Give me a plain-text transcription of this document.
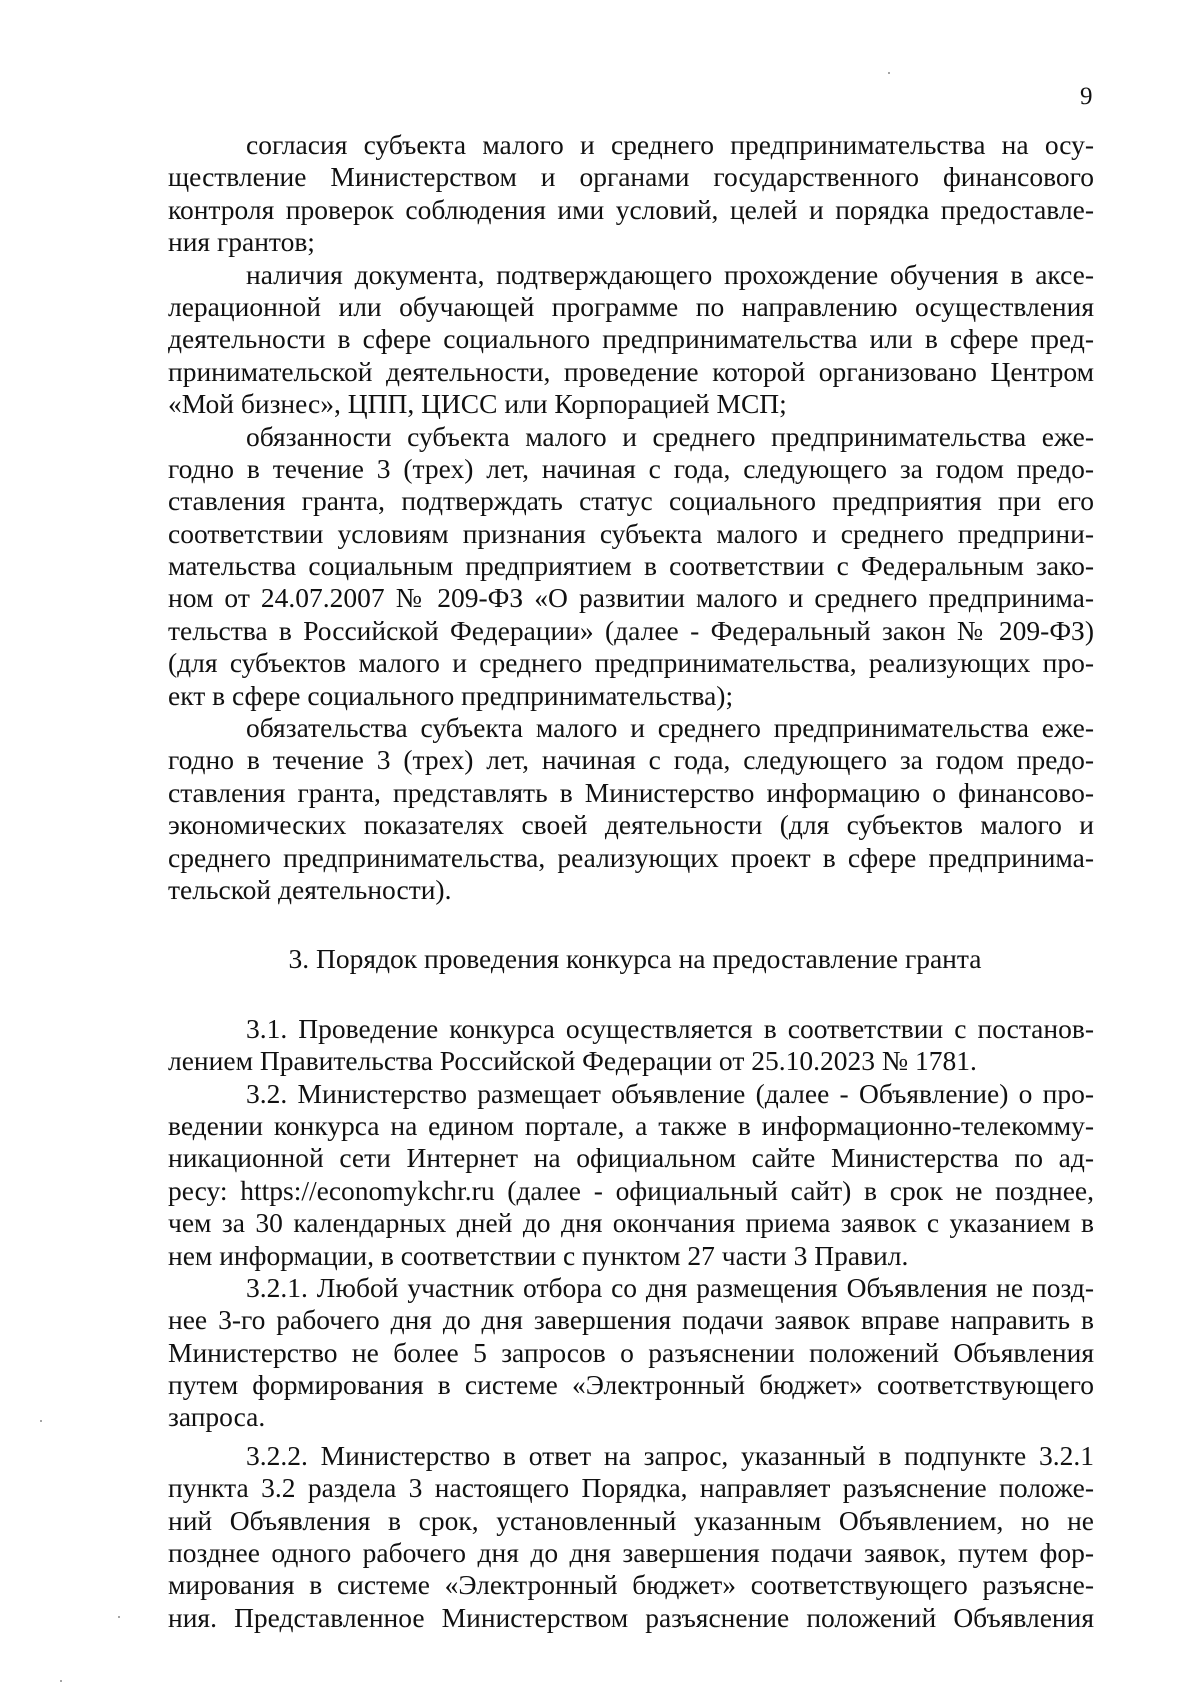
9
согласия субъекта малого и среднего предпринимательства на осу-
ществление Министерством и органами государственного финансового
контроля проверок соблюдения ими условий, целей и порядка предоставле-
ния грантов;
наличия документа, подтверждающего прохождение обучения в аксе-
лерационной или обучающей программе по направлению осуществления
деятельности в сфере социального предпринимательства или в сфере пред-
принимательской деятельности, проведение которой организовано Центром
«Мой бизнес», ЦПП, ЦИСС или Корпорацией МСП;
обязанности субъекта малого и среднего предпринимательства еже-
годно в течение 3 (трех) лет, начиная с года, следующего за годом предо-
ставления гранта, подтверждать статус социального предприятия при его
соответствии условиям признания субъекта малого и среднего предприни-
мательства социальным предприятием в соответствии с Федеральным зако-
ном от 24.07.2007 № 209-ФЗ «О развитии малого и среднего предпринима-
тельства в Российской Федерации» (далее - Федеральный закон № 209-ФЗ)
(для субъектов малого и среднего предпринимательства, реализующих про-
ект в сфере социального предпринимательства);
обязательства субъекта малого и среднего предпринимательства еже-
годно в течение 3 (трех) лет, начиная с года, следующего за годом предо-
ставления гранта, представлять в Министерство информацию о финансово-
экономических показателях своей деятельности (для субъектов малого и
среднего предпринимательства, реализующих проект в сфере предпринима-
тельской деятельности).
3. Порядок проведения конкурса на предоставление гранта
3.1. Проведение конкурса осуществляется в соответствии с постанов-
лением Правительства Российской Федерации от 25.10.2023 № 1781.
3.2. Министерство размещает объявление (далее - Объявление) о про-
ведении конкурса на едином портале, а также в информационно-телекомму-
никационной сети Интернет на официальном сайте Министерства по ад-
ресу: https://economykchr.ru (далее - официальный сайт) в срок не позднее,
чем за 30 календарных дней до дня окончания приема заявок с указанием в
нем информации, в соответствии с пунктом 27 части 3 Правил.
3.2.1. Любой участник отбора со дня размещения Объявления не позд-
нее 3-го рабочего дня до дня завершения подачи заявок вправе направить в
Министерство не более 5 запросов о разъяснении положений Объявления
путем формирования в системе «Электронный бюджет» соответствующего
запроса.
3.2.2. Министерство в ответ на запрос, указанный в подпункте 3.2.1
пункта 3.2 раздела 3 настоящего Порядка, направляет разъяснение положе-
ний Объявления в срок, установленный указанным Объявлением, но не
позднее одного рабочего дня до дня завершения подачи заявок, путем фор-
мирования в системе «Электронный бюджет» соответствующего разъясне-
ния. Представленное Министерством разъяснение положений Объявления
